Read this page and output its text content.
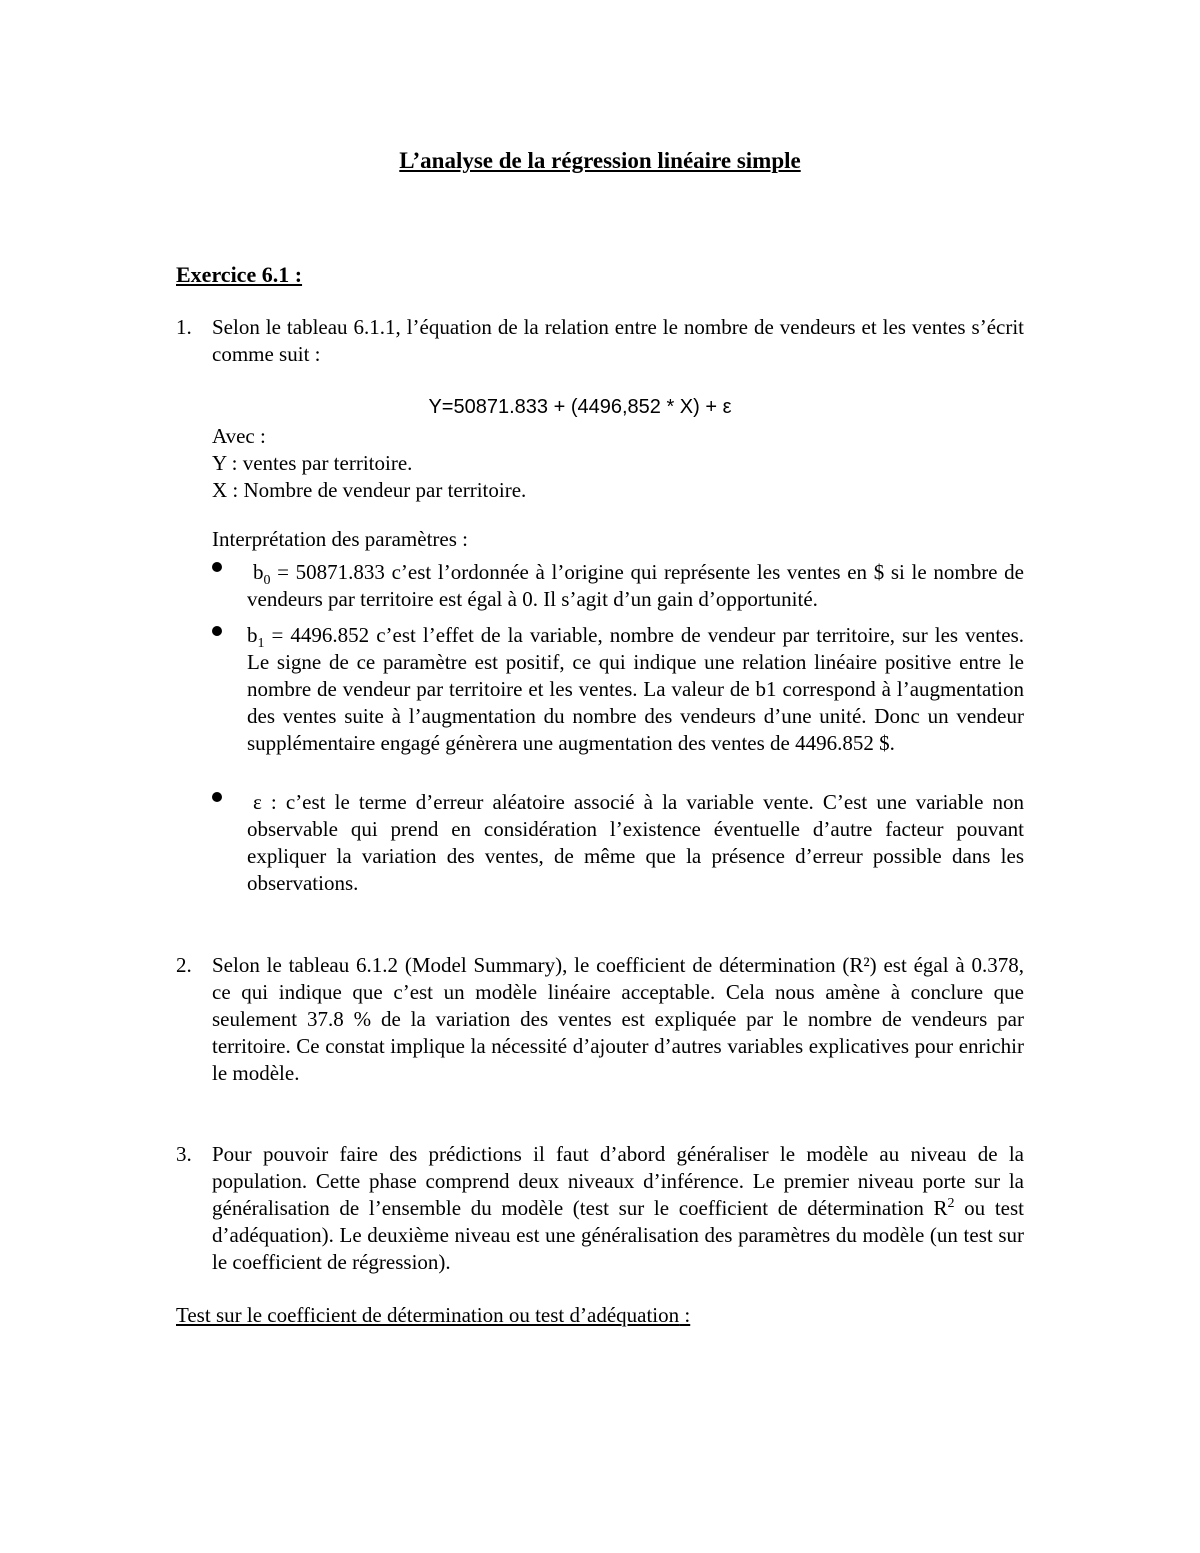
L’analyse de la régression linéaire simple
Exercice 6.1 :
1. Selon le tableau 6.1.1, l’équation de la relation entre le nombre de vendeurs et les ventes s’écrit comme suit :
Y=50871.833 + (4496,852 * X) + ε
Avec :
Y : ventes par territoire.
X : Nombre de vendeur par territoire.
Interprétation des paramètres :
$b_0 = 50871.833$ c’est l’ordonnée à l’origine qui représente les ventes en $ si le nombre de vendeurs par territoire est égal à 0. Il s’agit d’un gain d’opportunité.
$b_1 = 4496.852$ c’est l’effet de la variable, nombre de vendeur par territoire, sur les ventes. Le signe de ce paramètre est positif, ce qui indique une relation linéaire positive entre le nombre de vendeur par territoire et les ventes. La valeur de b1 correspond à l’augmentation des ventes suite à l’augmentation du nombre des vendeurs d’une unité. Donc un vendeur supplémentaire engagé génèrera une augmentation des ventes de 4496.852 $.
ε : c’est le terme d’erreur aléatoire associé à la variable vente. C’est une variable non observable qui prend en considération l’existence éventuelle d’autre facteur pouvant expliquer la variation des ventes, de même que la présence d’erreur possible dans les observations.
2. Selon le tableau 6.1.2 (Model Summary), le coefficient de détermination (R²) est égal à 0.378, ce qui indique que c’est un modèle linéaire acceptable. Cela nous amène à conclure que seulement 37.8 % de la variation des ventes est expliquée par le nombre de vendeurs par territoire. Ce constat implique la nécessité d’ajouter d’autres variables explicatives pour enrichir le modèle.
3. Pour pouvoir faire des prédictions il faut d’abord généraliser le modèle au niveau de la population. Cette phase comprend deux niveaux d’inférence. Le premier niveau porte sur la généralisation de l’ensemble du modèle (test sur le coefficient de détermination $R^2$ ou test d’adéquation). Le deuxième niveau est une généralisation des paramètres du modèle (un test sur le coefficient de régression).
Test sur le coefficient de détermination ou test d’adéquation :
